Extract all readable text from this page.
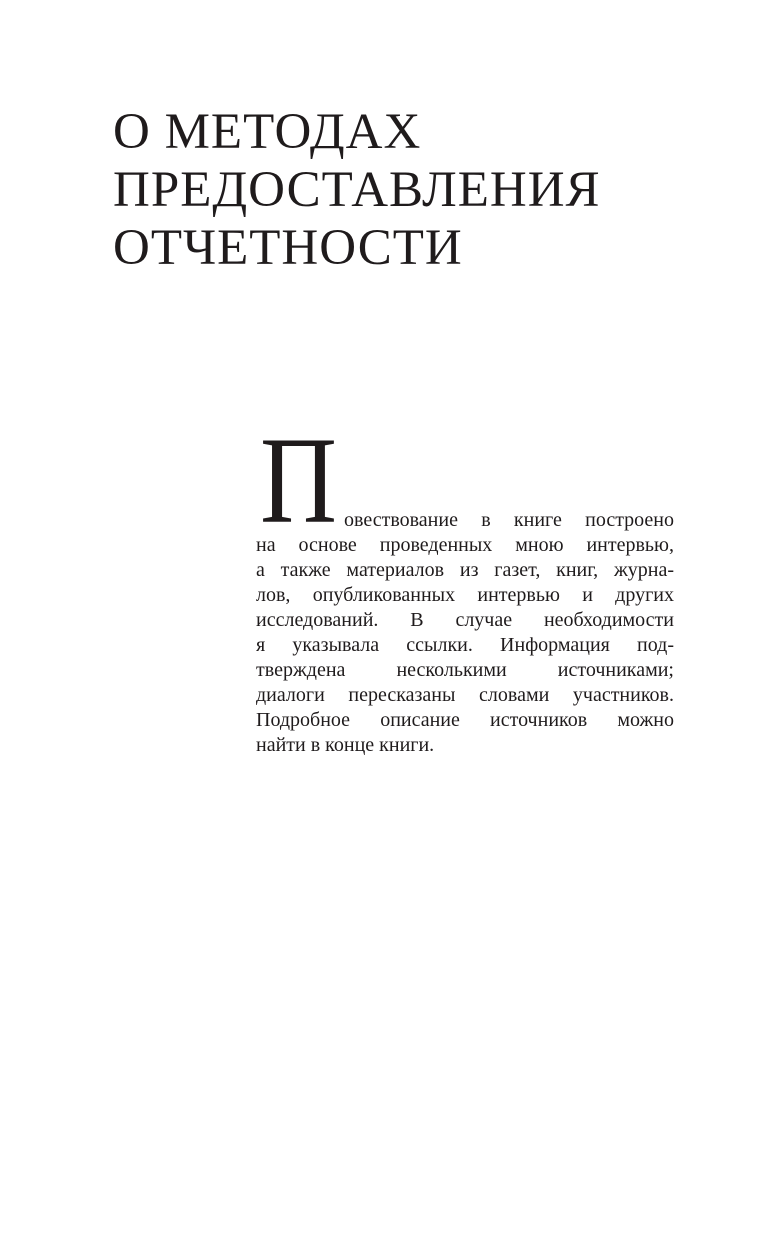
О МЕТОДАХ
ПРЕДОСТАВЛЕНИЯ
ОТЧЕТНОСТИ
П овествование в книге построено
на основе проведенных мною интервью,
а также материалов из газет, книг, журна-
лов, опубликованных интервью и других
исследований. В случае необходимости
я указывала ссылки. Информация под-
тверждена несколькими источниками;
диалоги пересказаны словами участников.
Подробное описание источников можно
найти в конце книги.
